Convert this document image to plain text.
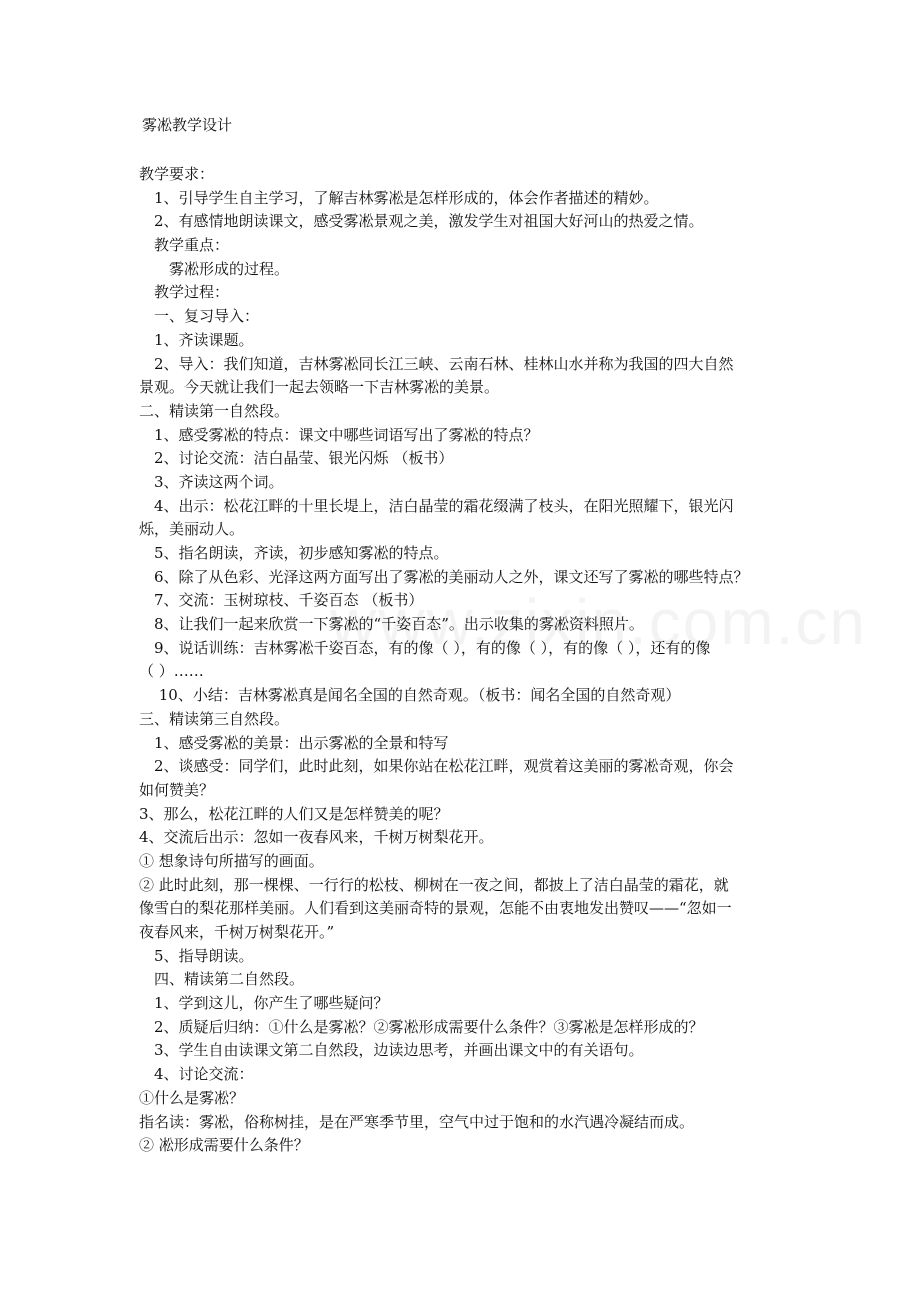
雾凇教学设计
教学要求：
　1、引导学生自主学习，了解吉林雾凇是怎样形成的，体会作者描述的精妙。
　2、有感情地朗读课文，感受雾凇景观之美，激发学生对祖国大好河山的热爱之情。
　教学重点：
　　雾凇形成的过程。
　教学过程：
　一、复习导入：
　1、齐读课题。
　2、导入：我们知道，吉林雾凇同长江三峡、云南石林、桂林山水并称为我国的四大自然
景观。今天就让我们一起去领略一下吉林雾凇的美景。
二、精读第一自然段。
　1、感受雾凇的特点：课文中哪些词语写出了雾凇的特点？
　2、讨论交流：洁白晶莹、银光闪烁 （板书）
　3、齐读这两个词。
　4、出示：松花江畔的十里长堤上，洁白晶莹的霜花缀满了枝头，在阳光照耀下，银光闪
烁，美丽动人。
　5、指名朗读，齐读，初步感知雾凇的特点。
　6、除了从色彩、光泽这两方面写出了雾凇的美丽动人之外，课文还写了雾凇的哪些特点？
　7、交流：玉树琼枝、千姿百态 （板书）
　8、让我们一起来欣赏一下雾凇的“千姿百态”。出示收集的雾凇资料照片。
　9、说话训练：吉林雾凇千姿百态，有的像（ ），有的像（ ），有的像（ ），还有的像
（ ）……
　 10、小结：吉林雾凇真是闻名全国的自然奇观。（板书：闻名全国的自然奇观）
三、精读第三自然段。
　1、感受雾凇的美景：出示雾凇的全景和特写
　2、谈感受：同学们，此时此刻，如果你站在松花江畔，观赏着这美丽的雾凇奇观，你会
如何赞美？
3、那么，松花江畔的人们又是怎样赞美的呢？
4、交流后出示：忽如一夜春风来，千树万树梨花开。
① 想象诗句所描写的画面。
② 此时此刻，那一棵棵、一行行的松枝、柳树在一夜之间，都披上了洁白晶莹的霜花，就
像雪白的梨花那样美丽。人们看到这美丽奇特的景观，怎能不由衷地发出赞叹——“忽如一
夜春风来，千树万树梨花开。”
　5、指导朗读。
　四、精读第二自然段。
　1、学到这儿，你产生了哪些疑问？
　2、质疑后归纳：①什么是雾凇？②雾凇形成需要什么条件？③雾凇是怎样形成的？
　3、学生自由读课文第二自然段，边读边思考，并画出课文中的有关语句。
　4、讨论交流：
①什么是雾凇？
指名读：雾凇，俗称树挂，是在严寒季节里，空气中过于饱和的水汽遇冷凝结而成。
② 凇形成需要什么条件？
